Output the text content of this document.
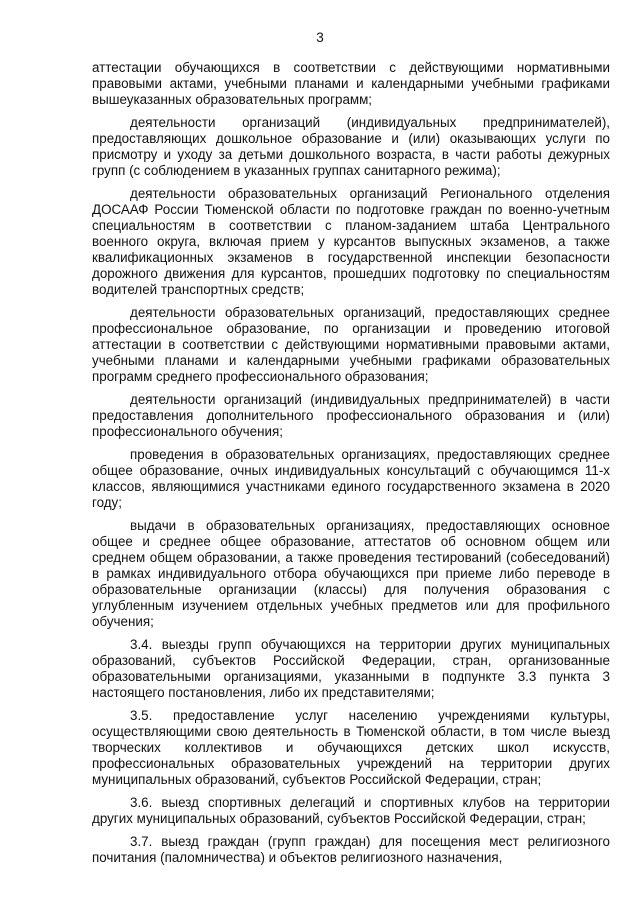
3

аттестации обучающихся в соответствии с действующими нормативными правовыми актами, учебными планами и календарными учебными графиками вышеуказанных образовательных программ;

деятельности организаций (индивидуальных предпринимателей), предоставляющих дошкольное образование и (или) оказывающих услуги по присмотру и уходу за детьми дошкольного возраста, в части работы дежурных групп (с соблюдением в указанных группах санитарного режима);

деятельности образовательных организаций Регионального отделения ДОСААФ России Тюменской области по подготовке граждан по военно-учетным специальностям в соответствии с планом-заданием штаба Центрального военного округа, включая прием у курсантов выпускных экзаменов, а также квалификационных экзаменов в государственной инспекции безопасности дорожного движения для курсантов, прошедших подготовку по специальностям водителей транспортных средств;

деятельности образовательных организаций, предоставляющих среднее профессиональное образование, по организации и проведению итоговой аттестации в соответствии с действующими нормативными правовыми актами, учебными планами и календарными учебными графиками образовательных программ среднего профессионального образования;

деятельности организаций (индивидуальных предпринимателей) в части предоставления дополнительного профессионального образования и (или) профессионального обучения;

проведения в образовательных организациях, предоставляющих среднее общее образование, очных индивидуальных консультаций с обучающимся 11-х классов, являющимися участниками единого государственного экзамена в 2020 году;

выдачи в образовательных организациях, предоставляющих основное общее и среднее общее образование, аттестатов об основном общем или среднем общем образовании, а также проведения тестирований (собеседований) в рамках индивидуального отбора обучающихся при приеме либо переводе в образовательные организации (классы) для получения образования с углубленным изучением отдельных учебных предметов или для профильного обучения;

3.4. выезды групп обучающихся на территории других муниципальных образований, субъектов Российской Федерации, стран, организованные образовательными организациями, указанными в подпункте 3.3 пункта 3 настоящего постановления, либо их представителями;

3.5. предоставление услуг населению учреждениями культуры, осуществляющими свою деятельность в Тюменской области, в том числе выезд творческих коллективов и обучающихся детских школ искусств, профессиональных образовательных учреждений на территории других муниципальных образований, субъектов Российской Федерации, стран;

3.6. выезд спортивных делегаций и спортивных клубов на территории других муниципальных образований, субъектов Российской Федерации, стран;

3.7. выезд граждан (групп граждан) для посещения мест религиозного почитания (паломничества) и объектов религиозного назначения,
